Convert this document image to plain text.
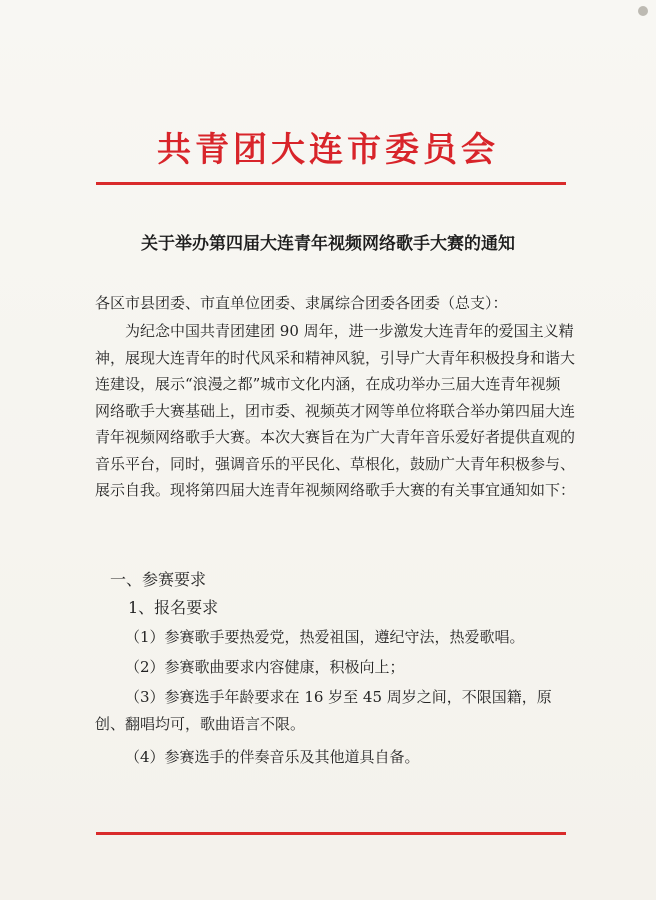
共青团大连市委员会
关于举办第四届大连青年视频网络歌手大赛的通知

各区市县团委、市直单位团委、隶属综合团委各团委（总支）：

为纪念中国共青团建团 90 周年，进一步激发大连青年的爱国主义精神，展现大连青年的时代风采和精神风貌，引导广大青年积极投身和谐大连建设，展示“浪漫之都”城市文化内涵，在成功举办三届大连青年视频网络歌手大赛基础上，团市委、视频英才网等单位将联合举办第四届大连青年视频网络歌手大赛。本次大赛旨在为广大青年音乐爱好者提供直观的音乐平台，同时，强调音乐的平民化、草根化，鼓励广大青年积极参与、展示自我。现将第四届大连青年视频网络歌手大赛的有关事宜通知如下：

一、参赛要求

1、报名要求

（1）参赛歌手要热爱党，热爱祖国，遵纪守法，热爱歌唱。

（2）参赛歌曲要求内容健康，积极向上；

（3）参赛选手年龄要求在 16 岁至 45 周岁之间，不限国籍，原创、翻唱均可，歌曲语言不限。

（4）参赛选手的伴奏音乐及其他道具自备。
